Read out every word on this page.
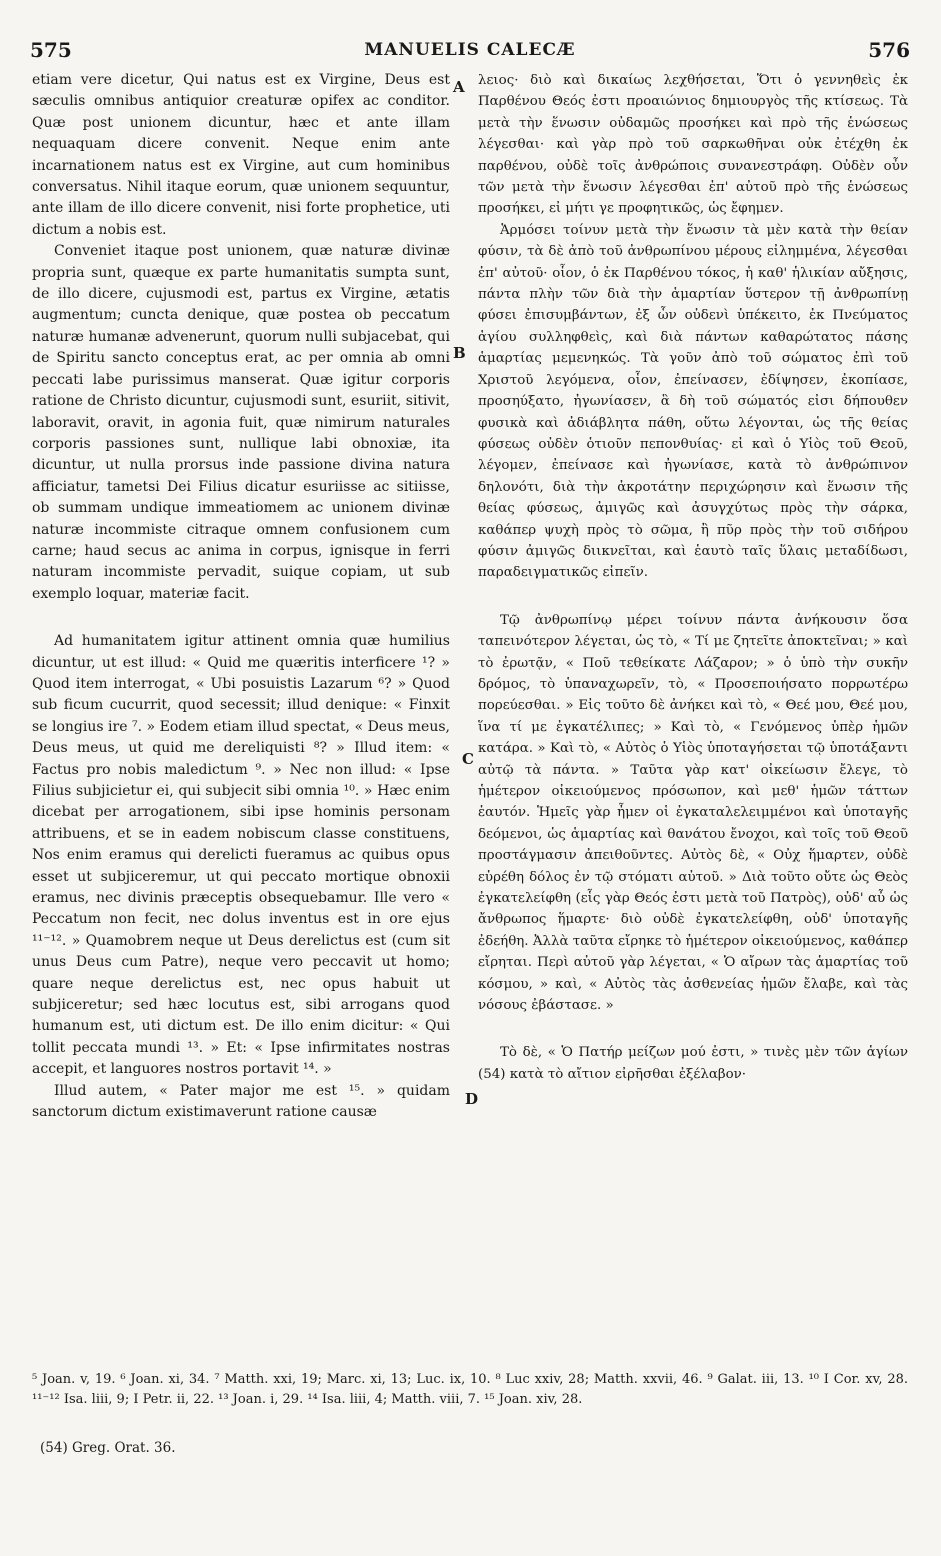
575	MANUELIS CALECÆ	576
A
B
C
D

etiam vere dicetur, Qui natus est ex Virgine, Deus est sæculis omnibus antiquior creaturæ opifex ac conditor. Quæ post unionem dicuntur, hæc et ante illam nequaquam dicere convenit. Neque enim ante incarnationem natus est ex Virgine, aut cum hominibus conversatus. Nihil itaque eorum, quæ unionem sequuntur, ante illam de illo dicere convenit, nisi forte prophetice, uti dictum a nobis est.

Conveniet itaque post unionem, quæ naturæ divinæ propria sunt, quæque ex parte humanitatis sumpta sunt, de illo dicere, cujusmodi est, partus ex Virgine, ætatis augmentum; cuncta denique, quæ postea ob peccatum naturæ humanæ advenerunt, quorum nulli subjacebat, qui de Spiritu sancto conceptus erat, ac per omnia ab omni peccati labe purissimus manserat. Quæ igitur corporis ratione de Christo dicuntur, cujusmodi sunt, esuriit, sitivit, laboravit, oravit, in agonia fuit, quæ nimirum naturales corporis passiones sunt, nullique labi obnoxiæ, ita dicuntur, ut nulla prorsus inde passione divina natura afficiatur, tametsi Dei Filius dicatur esuriisse ac sitiisse, ob summam undique immeatiomem ac unionem divinæ naturæ incommiste citraque omnem confusionem cum carne; haud secus ac anima in corpus, ignisque in ferri naturam incommiste pervadit, suique copiam, ut sub exemplo loquar, materiæ facit.

Ad humanitatem igitur attinent omnia quæ humilius dicuntur, ut est illud: « Quid me quæritis interficere ¹? » Quod item interrogat, « Ubi posuistis Lazarum ⁶? » Quod sub ficum cucurrit, quod secessit; illud denique: « Finxit se longius ire ⁷. » Eodem etiam illud spectat, « Deus meus, Deus meus, ut quid me dereliquisti ⁸? » Illud item: « Factus pro nobis maledictum ⁹. » Nec non illud: « Ipse Filius subjicietur ei, qui subjecit sibi omnia ¹⁰. » Hæc enim dicebat per arrogationem, sibi ipse hominis personam attribuens, et se in eadem nobiscum classe constituens, Nos enim eramus qui derelicti fueramus ac quibus opus esset ut subjiceremur, ut qui peccato mortique obnoxii eramus, nec divinis præceptis obsequebamur. Ille vero « Peccatum non fecit, nec dolus inventus est in ore ejus ¹¹⁻¹². » Quamobrem neque ut Deus derelictus est (cum sit unus Deus cum Patre), neque vero peccavit ut homo; quare neque derelictus est, nec opus habuit ut subjiceretur; sed hæc locutus est, sibi arrogans quod humanum est, uti dictum est. De illo enim dicitur: « Qui tollit peccata mundi ¹³. » Et: « Ipse infirmitates nostras accepit, et languores nostros portavit ¹⁴. »

Illud autem, « Pater major me est ¹⁵. » quidam sanctorum dictum existimaverunt ratione causæ

λειος· διὸ καὶ δικαίως λεχθήσεται, Ὅτι ὁ γεννηθεὶς ἐκ Παρθένου Θεός ἐστι προαιώνιος δημιουργὸς τῆς κτίσεως. Τὰ μετὰ τὴν ἕνωσιν οὐδαμῶς προσήκει καὶ πρὸ τῆς ἑνώσεως λέγεσθαι· καὶ γὰρ πρὸ τοῦ σαρκωθῆναι οὐκ ἐτέχθη ἐκ παρθένου, οὐδὲ τοῖς ἀνθρώποις συνανεστράφη. Οὐδὲν οὖν τῶν μετὰ τὴν ἕνωσιν λέγεσθαι ἐπ' αὐτοῦ πρὸ τῆς ἑνώσεως προσήκει, εἰ μήτι γε προφητικῶς, ὡς ἔφημεν.

Ἁρμόσει τοίνυν μετὰ τὴν ἕνωσιν τὰ μὲν κατὰ τὴν θείαν φύσιν, τὰ δὲ ἀπὸ τοῦ ἀνθρωπίνου μέρους εἰλημμένα, λέγεσθαι ἐπ' αὐτοῦ· οἷον, ὁ ἐκ Παρθένου τόκος, ἡ καθ' ἡλικίαν αὔξησις, πάντα πλὴν τῶν διὰ τὴν ἁμαρτίαν ὕστερον τῇ ἀνθρωπίνῃ φύσει ἐπισυμβάντων, ἐξ ὧν οὐδενὶ ὑπέκειτο, ἐκ Πνεύματος ἁγίου συλληφθεὶς, καὶ διὰ πάντων καθαρώτατος πάσης ἁμαρτίας μεμενηκώς. Τὰ γοῦν ἀπὸ τοῦ σώματος ἐπὶ τοῦ Χριστοῦ λεγόμενα, οἷον, ἐπείνασεν, ἐδίψησεν, ἐκοπίασε, προσηύξατο, ἠγωνίασεν, ἃ δὴ τοῦ σώματός εἰσι δήπουθεν φυσικὰ καὶ ἀδιάβλητα πάθη, οὕτω λέγονται, ὡς τῆς θείας φύσεως οὐδὲν ὁτιοῦν πεπονθυίας· εἰ καὶ ὁ Υἱὸς τοῦ Θεοῦ, λέγομεν, ἐπείνασε καὶ ἠγωνίασε, κατὰ τὸ ἀνθρώπινον δηλονότι, διὰ τὴν ἀκροτάτην περιχώρησιν καὶ ἕνωσιν τῆς θείας φύσεως, ἀμιγῶς καὶ ἀσυγχύτως πρὸς τὴν σάρκα, καθάπερ ψυχὴ πρὸς τὸ σῶμα, ἢ πῦρ πρὸς τὴν τοῦ σιδήρου φύσιν ἀμιγῶς διικνεῖται, καὶ ἑαυτὸ ταῖς ὕλαις μεταδίδωσι, παραδειγματικῶς εἰπεῖν.

Τῷ ἀνθρωπίνῳ μέρει τοίνυν πάντα ἀνήκουσιν ὅσα ταπεινότερον λέγεται, ὡς τὸ, « Τί με ζητεῖτε ἀποκτεῖναι; » καὶ τὸ ἐρωτᾷν, « Ποῦ τεθείκατε Λάζαρον; » ὁ ὑπὸ τὴν συκῆν δρόμος, τὸ ὑπαναχωρεῖν, τὸ, « Προσεποιήσατο πορρωτέρω πορεύεσθαι. » Εἰς τοῦτο δὲ ἀνήκει καὶ τὸ, « Θεέ μου, Θεέ μου, ἵνα τί με ἐγκατέλιπες; » Καὶ τὸ, « Γενόμενος ὑπὲρ ἡμῶν κατάρα. » Καὶ τὸ, « Αὐτὸς ὁ Υἱὸς ὑποταγήσεται τῷ ὑποτάξαντι αὐτῷ τὰ πάντα. » Ταῦτα γὰρ κατ' οἰκείωσιν ἔλεγε, τὸ ἡμέτερον οἰκειούμενος πρόσωπον, καὶ μεθ' ἡμῶν τάττων ἑαυτόν. Ἡμεῖς γὰρ ἦμεν οἱ ἐγκαταλελειμμένοι καὶ ὑποταγῆς δεόμενοι, ὡς ἁμαρτίας καὶ θανάτου ἔνοχοι, καὶ τοῖς τοῦ Θεοῦ προστάγμασιν ἀπειθοῦντες. Αὐτὸς δὲ, « Οὐχ ἥμαρτεν, οὐδὲ εὑρέθη δόλος ἐν τῷ στόματι αὐτοῦ. » Διὰ τοῦτο οὔτε ὡς Θεὸς ἐγκατελείφθη (εἷς γὰρ Θεός ἐστι μετὰ τοῦ Πατρὸς), οὐδ' αὖ ὡς ἄνθρωπος ἥμαρτε· διὸ οὐδὲ ἐγκατελείφθη, οὐδ' ὑποταγῆς ἐδεήθη. Ἀλλὰ ταῦτα εἴρηκε τὸ ἡμέτερον οἰκειούμενος, καθάπερ εἴρηται. Περὶ αὐτοῦ γὰρ λέγεται, « Ὁ αἴρων τὰς ἁμαρτίας τοῦ κόσμου, » καὶ, « Αὐτὸς τὰς ἀσθενείας ἡμῶν ἔλαβε, καὶ τὰς νόσους ἐβάστασε. »

Τὸ δὲ, « Ὁ Πατήρ μείζων μού ἐστι, » τινὲς μὲν τῶν ἁγίων (54) κατὰ τὸ αἴτιον εἰρῆσθαι ἐξέλαβον·

⁵ Joan. v, 19. ⁶ Joan. xi, 34. ⁷ Matth. xxi, 19; Marc. xi, 13; Luc. ix, 10. ⁸ Luc xxiv, 28; Matth. xxvii, 46. ⁹ Galat. iii, 13. ¹⁰ I Cor. xv, 28. ¹¹⁻¹² Isa. liii, 9; I Petr. ii, 22. ¹³ Joan. i, 29. ¹⁴ Isa. liii, 4; Matth. viii, 7. ¹⁵ Joan. xiv, 28.

(54) Greg. Orat. 36.
